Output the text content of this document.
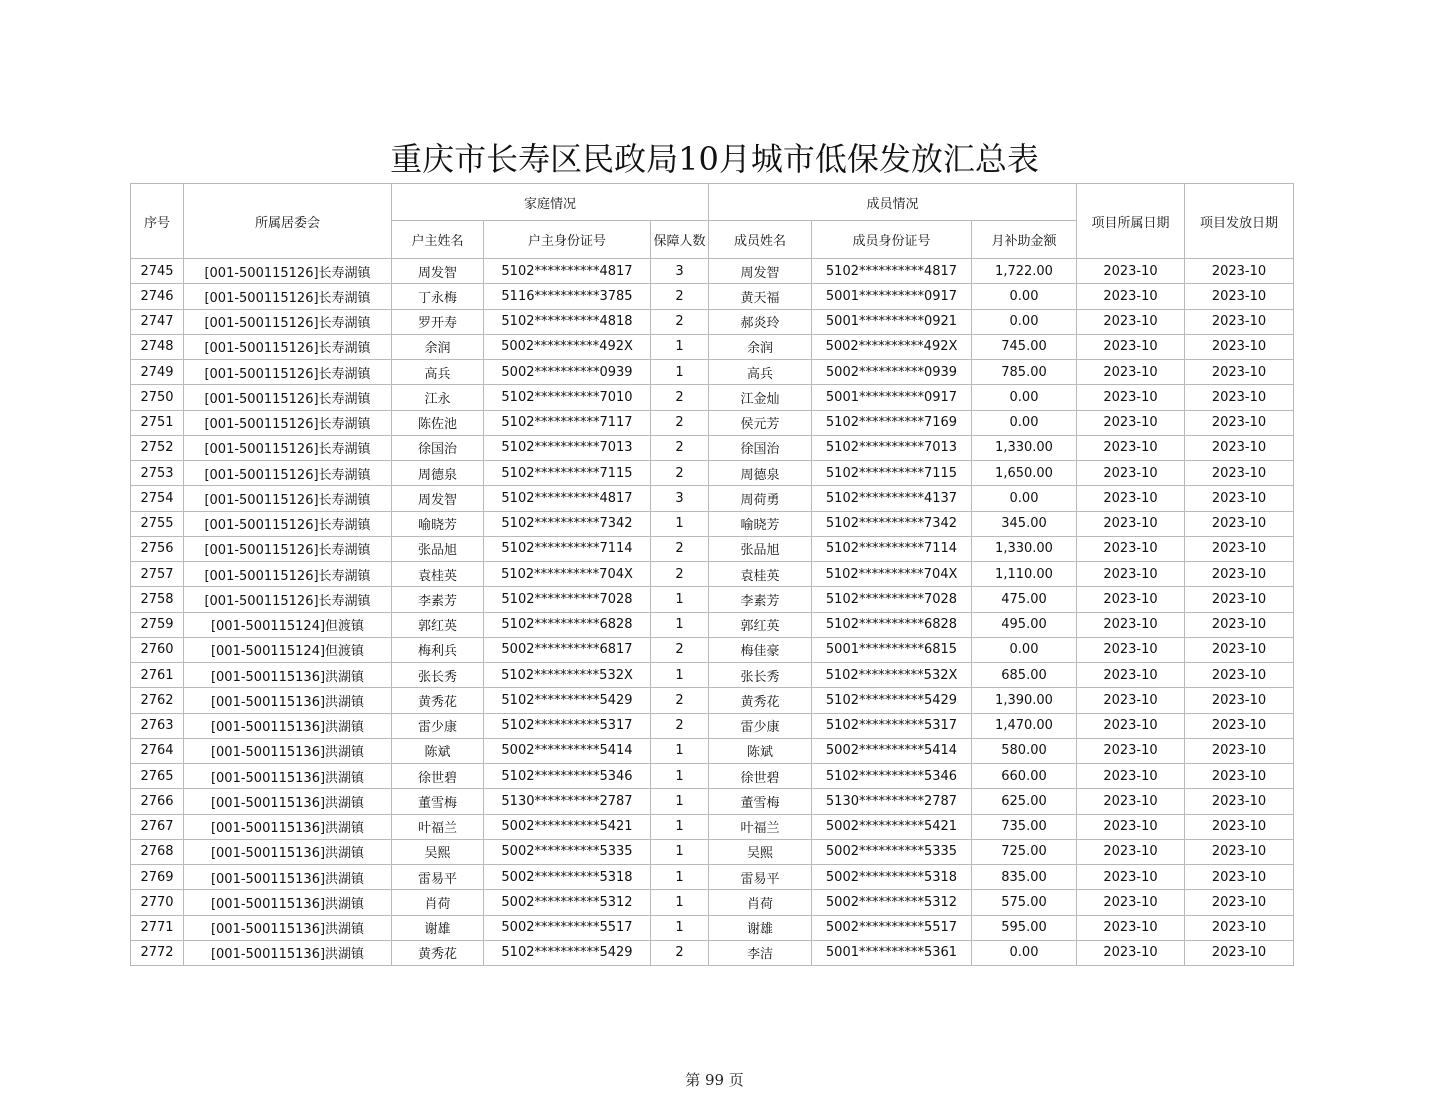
重庆市长寿区民政局10月城市低保发放汇总表
序号	所属居委会	家庭情况			成员情况			项目所属日期	项目发放日期
		户主姓名	户主身份证号	保障人数	成员姓名	成员身份证号	月补助金额		
2745	[001-500115126]长寿湖镇	周发智	5102**********4817	3	周发智	5102**********4817	1,722.00	2023-10	2023-10
2746	[001-500115126]长寿湖镇	丁永梅	5116**********3785	2	黄天福	5001**********0917	0.00	2023-10	2023-10
2747	[001-500115126]长寿湖镇	罗开寿	5102**********4818	2	郝炎玲	5001**********0921	0.00	2023-10	2023-10
2748	[001-500115126]长寿湖镇	余润	5002**********492X	1	余润	5002**********492X	745.00	2023-10	2023-10
2749	[001-500115126]长寿湖镇	高兵	5002**********0939	1	高兵	5002**********0939	785.00	2023-10	2023-10
2750	[001-500115126]长寿湖镇	江永	5102**********7010	2	江金灿	5001**********0917	0.00	2023-10	2023-10
2751	[001-500115126]长寿湖镇	陈佐池	5102**********7117	2	侯元芳	5102**********7169	0.00	2023-10	2023-10
2752	[001-500115126]长寿湖镇	徐国治	5102**********7013	2	徐国治	5102**********7013	1,330.00	2023-10	2023-10
2753	[001-500115126]长寿湖镇	周德泉	5102**********7115	2	周德泉	5102**********7115	1,650.00	2023-10	2023-10
2754	[001-500115126]长寿湖镇	周发智	5102**********4817	3	周荷勇	5102**********4137	0.00	2023-10	2023-10
2755	[001-500115126]长寿湖镇	喻晓芳	5102**********7342	1	喻晓芳	5102**********7342	345.00	2023-10	2023-10
2756	[001-500115126]长寿湖镇	张品旭	5102**********7114	2	张品旭	5102**********7114	1,330.00	2023-10	2023-10
2757	[001-500115126]长寿湖镇	袁桂英	5102**********704X	2	袁桂英	5102**********704X	1,110.00	2023-10	2023-10
2758	[001-500115126]长寿湖镇	李素芳	5102**********7028	1	李素芳	5102**********7028	475.00	2023-10	2023-10
2759	[001-500115124]但渡镇	郭红英	5102**********6828	1	郭红英	5102**********6828	495.00	2023-10	2023-10
2760	[001-500115124]但渡镇	梅利兵	5002**********6817	2	梅佳豪	5001**********6815	0.00	2023-10	2023-10
2761	[001-500115136]洪湖镇	张长秀	5102**********532X	1	张长秀	5102**********532X	685.00	2023-10	2023-10
2762	[001-500115136]洪湖镇	黄秀花	5102**********5429	2	黄秀花	5102**********5429	1,390.00	2023-10	2023-10
2763	[001-500115136]洪湖镇	雷少康	5102**********5317	2	雷少康	5102**********5317	1,470.00	2023-10	2023-10
2764	[001-500115136]洪湖镇	陈斌	5002**********5414	1	陈斌	5002**********5414	580.00	2023-10	2023-10
2765	[001-500115136]洪湖镇	徐世碧	5102**********5346	1	徐世碧	5102**********5346	660.00	2023-10	2023-10
2766	[001-500115136]洪湖镇	董雪梅	5130**********2787	1	董雪梅	5130**********2787	625.00	2023-10	2023-10
2767	[001-500115136]洪湖镇	叶福兰	5002**********5421	1	叶福兰	5002**********5421	735.00	2023-10	2023-10
2768	[001-500115136]洪湖镇	吴熙	5002**********5335	1	吴熙	5002**********5335	725.00	2023-10	2023-10
2769	[001-500115136]洪湖镇	雷易平	5002**********5318	1	雷易平	5002**********5318	835.00	2023-10	2023-10
2770	[001-500115136]洪湖镇	肖荷	5002**********5312	1	肖荷	5002**********5312	575.00	2023-10	2023-10
2771	[001-500115136]洪湖镇	谢雄	5002**********5517	1	谢雄	5002**********5517	595.00	2023-10	2023-10
2772	[001-500115136]洪湖镇	黄秀花	5102**********5429	2	李洁	5001**********5361	0.00	2023-10	2023-10
第 99 页
